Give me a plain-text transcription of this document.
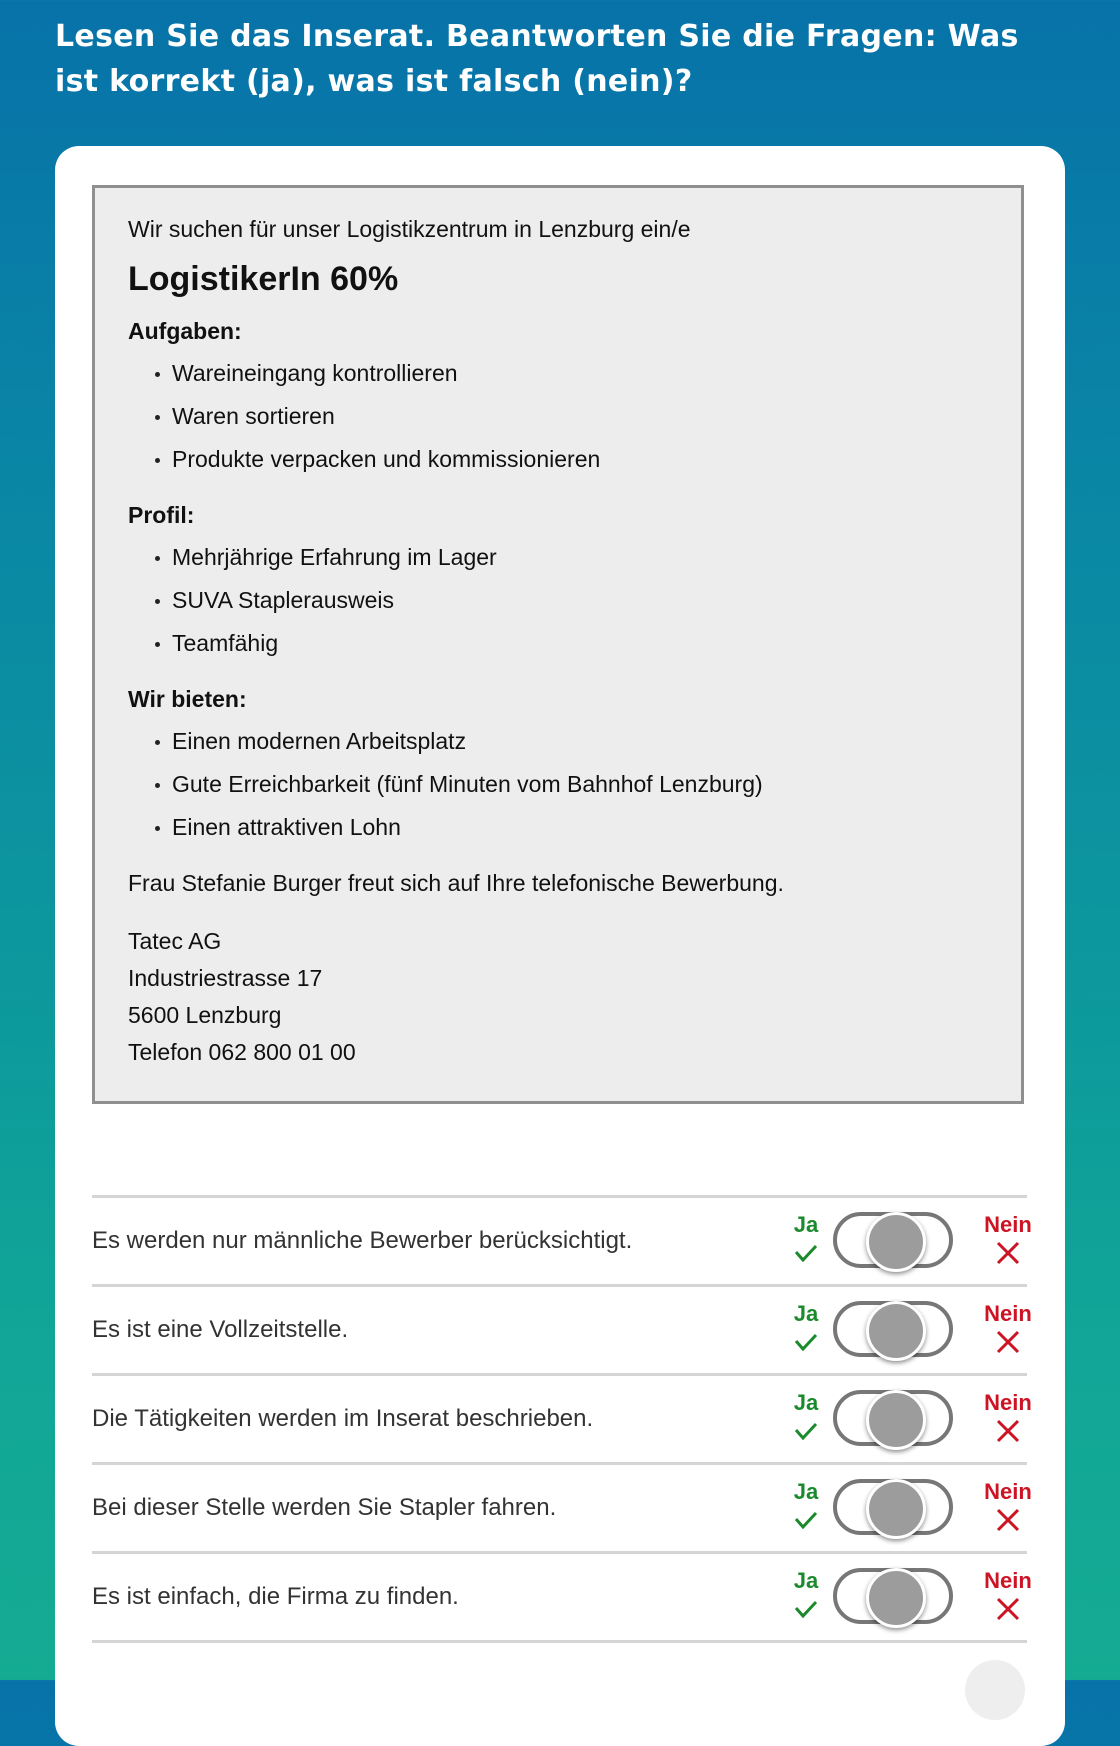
Lesen Sie das Inserat. Beantworten Sie die Fragen: Was ist korrekt (ja), was ist falsch (nein)?

Wir suchen für unser Logistikzentrum in Lenzburg ein/e

LogistikerIn 60%
Aufgaben:
Wareineingang kontrollieren
Waren sortieren
Produkte verpacken und kommissionieren
Profil:
Mehrjährige Erfahrung im Lager
SUVA Staplerausweis
Teamfähig
Wir bieten:
Einen modernen Arbeitsplatz
Gute Erreichbarkeit (fünf Minuten vom Bahnhof Lenzburg)
Einen attraktiven Lohn

Frau Stefanie Burger freut sich auf Ihre telefonische Bewerbung.

Tatec AG

Industriestrasse 17

5600 Lenzburg

Telefon 062 800 01 00

Es werden nur männliche Bewerber berücksichtigt.
Ja	Nein
Es ist eine Vollzeitstelle.
Ja	Nein
Die Tätigkeiten werden im Inserat beschrieben.
Ja	Nein
Bei dieser Stelle werden Sie Stapler fahren.
Ja	Nein
Es ist einfach, die Firma zu finden.
Ja	Nein
